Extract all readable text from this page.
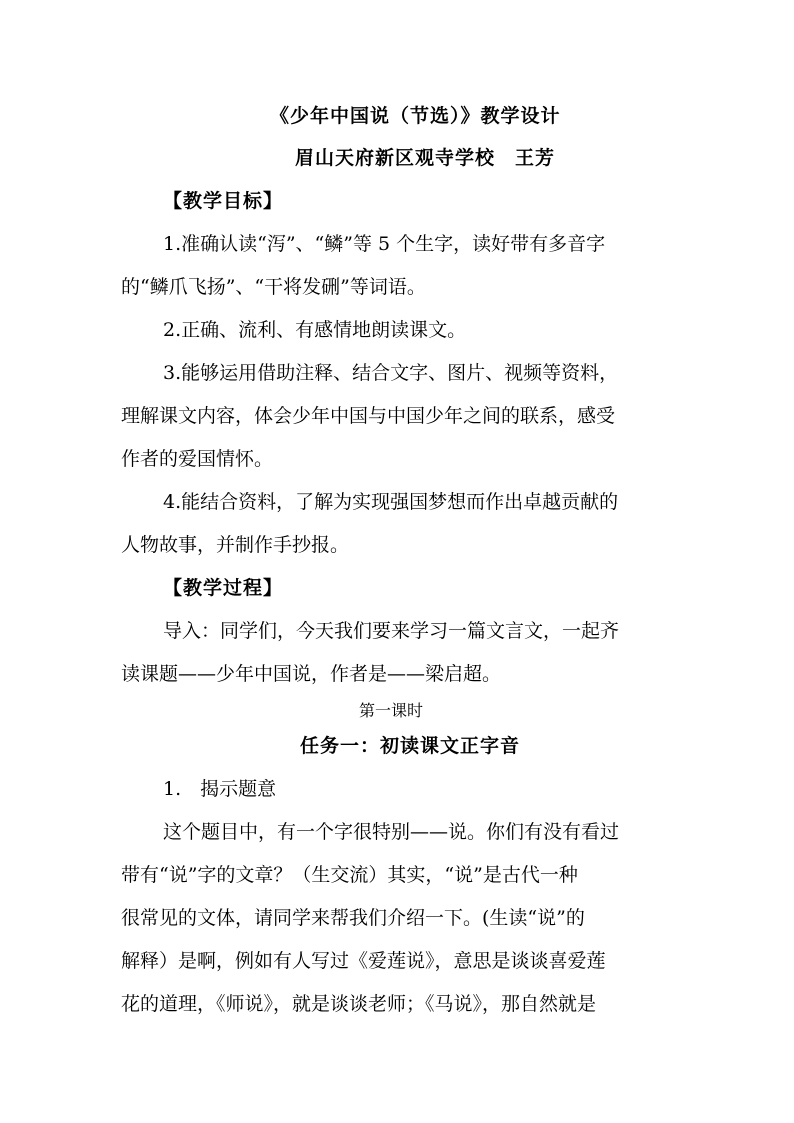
《少年中国说（节选）》教学设计
眉山天府新区观寺学校　王芳
【教学目标】
1.准确认读“泻”、“鳞”等 5 个生字，读好带有多音字
的“鳞爪飞扬”、“干将发硎”等词语。
2.正确、流利、有感情地朗读课文。
3.能够运用借助注释、结合文字、图片、视频等资料，
理解课文内容，体会少年中国与中国少年之间的联系，感受
作者的爱国情怀。
4.能结合资料，了解为实现强国梦想而作出卓越贡献的
人物故事，并制作手抄报。
【教学过程】
导入：同学们，今天我们要来学习一篇文言文，一起齐
读课题——少年中国说，作者是——梁启超。
第一课时
任务一：初读课文正字音
1.　揭示题意
这个题目中，有一个字很特别——说。你们有没有看过
带有“说”字的文章？（生交流）其实，“说”是古代一种
很常见的文体，请同学来帮我们介绍一下。(生读“说”的
解释）是啊，例如有人写过《爱莲说》，意思是谈谈喜爱莲
花的道理，《师说》，就是谈谈老师；《马说》，那自然就是
